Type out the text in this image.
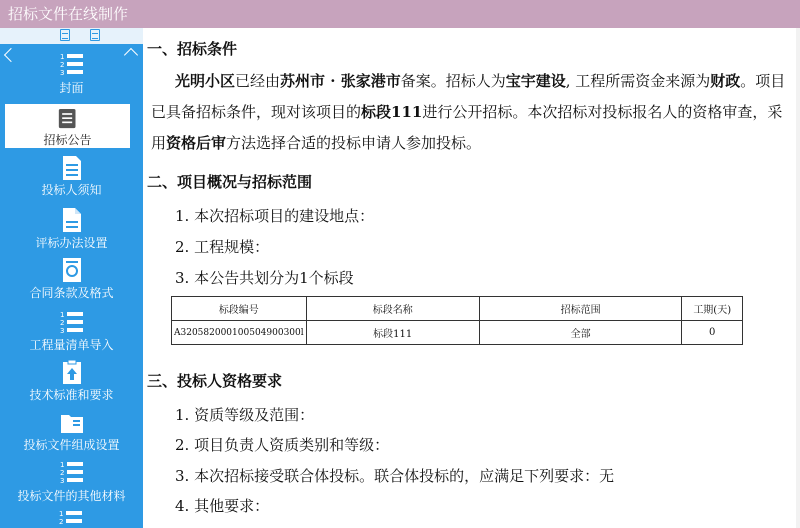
招标文件在线制作
1
2
3
封面
招标公告
投标人须知
评标办法设置
合同条款及格式
1
2
3
工程量清单导入
技术标准和要求
投标文件组成设置
1
2
3
投标文件的其他材料
1
2
一、招标条件
光明小区已经由苏州市 · 张家港市备案。招标人为宝宇建设, 工程所需资金来源为财政。项目已具备招标条件，现对该项目的标段111进行公开招标。本次招标对投标报名人的资格审查，采用资格后审方法选择合适的投标申请人参加投标。
二、项目概况与招标范围
1. 本次招标项目的建设地点：
2. 工程规模：
3. 本公告共划分为1个标段
标段编号	标段名称	招标范围	工期(天)
A320582000100504900300l	标段111	全部	0
三、投标人资格要求
1. 资质等级及范围：
2. 项目负责人资质类别和等级：
3. 本次招标接受联合体投标。联合体投标的，应满足下列要求：无
4. 其他要求：
